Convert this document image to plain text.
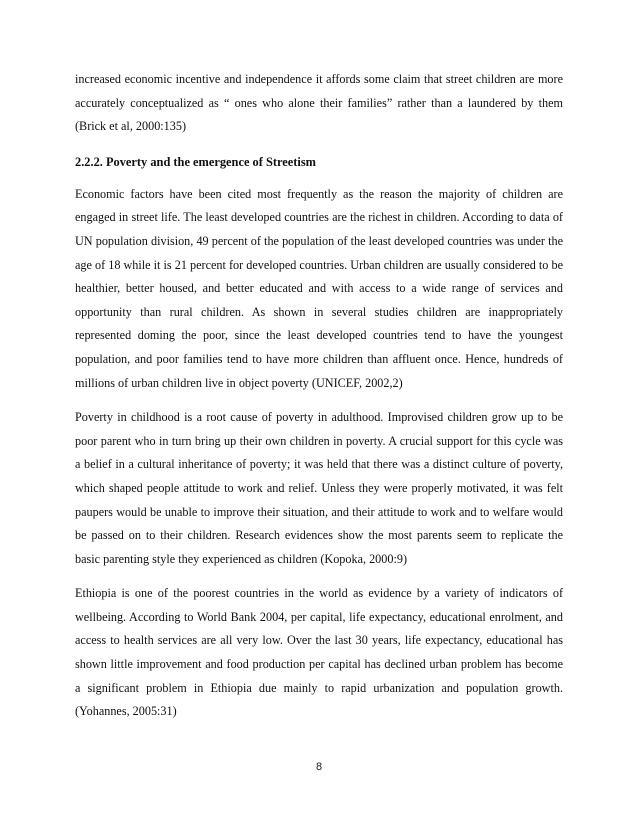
increased economic incentive and independence it affords some claim that street children are more accurately conceptualized as “ ones who alone their families” rather than a laundered by them (Brick et al, 2000:135)

2.2.2. Poverty and the emergence of Streetism

Economic factors have been cited most frequently as the reason the majority of children are engaged in street life. The least developed countries are the richest in children. According to data of UN population division, 49 percent of the population of the least developed countries was under the age of 18 while it is 21 percent for developed countries. Urban children are usually considered to be healthier, better housed, and better educated and with access to a wide range of services and opportunity than rural children. As shown in several studies children are inappropriately represented doming the poor, since the least developed countries tend to have the youngest population, and poor families tend to have more children than affluent once. Hence, hundreds of millions of urban children live in object poverty (UNICEF, 2002,2)

Poverty in childhood is a root cause of poverty in adulthood. Improvised children grow up to be poor parent who in turn bring up their own children in poverty. A crucial support for this cycle was a belief in a cultural inheritance of poverty; it was held that there was a distinct culture of poverty, which shaped people attitude to work and relief. Unless they were properly motivated, it was felt paupers would be unable to improve their situation, and their attitude to work and to welfare would be passed on to their children. Research evidences show the most parents seem to replicate the basic parenting style they experienced as children (Kopoka, 2000:9)

Ethiopia is one of the poorest countries in the world as evidence by a variety of indicators of wellbeing. According to World Bank 2004, per capital, life expectancy, educational enrolment, and access to health services are all very low. Over the last 30 years, life expectancy, educational has shown little improvement and food production per capital has declined urban problem has become a significant problem in Ethiopia due mainly to rapid urbanization and population growth. (Yohannes, 2005:31)

8
